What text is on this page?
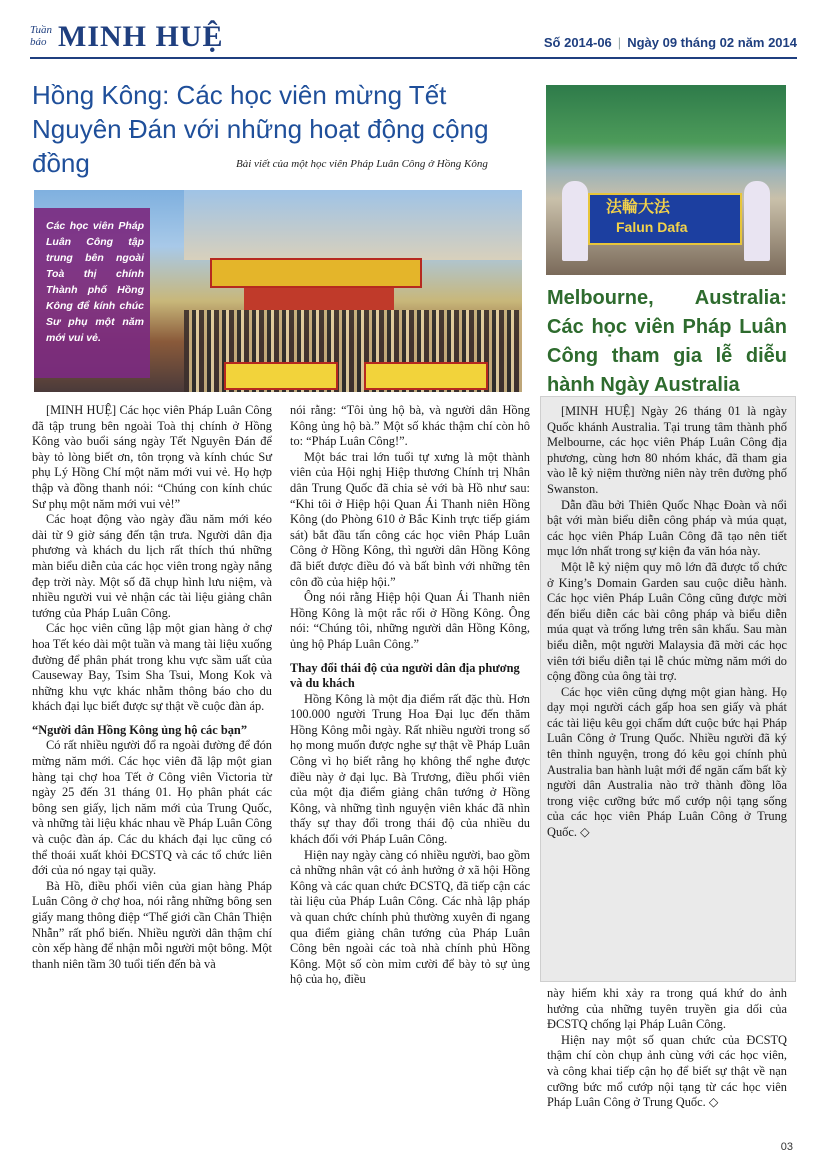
Tuần
báo MINH HUỆ	Số 2014-06 | Ngày 09 tháng 02 năm 2014
Hồng Kông: Các học viên mừng Tết Nguyên Đán với những hoạt động cộng đồng	Bài viết của một học viên Pháp Luân Công ở Hồng Kông
Các học viên Pháp Luân Công tập trung bên ngoài Toà thị chính Thành phố Hồng Kông để kính chúc Sư phụ một năm mới vui vẻ.
法輪大法
Falun Dafa
Melbourne, Australia: Các học viên Pháp Luân Công tham gia lễ diễu hành Ngày Australia

[MINH HUỆ] Ngày 26 tháng 01 là ngày Quốc khánh Australia. Tại trung tâm thành phố Melbourne, các học viên Pháp Luân Công địa phương, cùng hơn 80 nhóm khác, đã tham gia vào lễ kỷ niệm thường niên này trên đường phố Swanston.

Dẫn đầu bởi Thiên Quốc Nhạc Đoàn và nổi bật với màn biểu diễn công pháp và múa quạt, các học viên Pháp Luân Công đã tạo nên tiết mục lớn nhất trong sự kiện đa văn hóa này.

Một lễ kỷ niệm quy mô lớn đã được tổ chức ở King’s Domain Garden sau cuộc diễu hành. Các học viên Pháp Luân Công cũng được mời đến biểu diễn các bài công pháp và biểu diễn múa quạt và trống lưng trên sân khấu. Sau màn biểu diễn, một người Malaysia đã mời các học viên tới biểu diễn tại lễ chúc mừng năm mới do cộng đồng của ông tài trợ.

Các học viên cũng dựng một gian hàng. Họ dạy mọi người cách gấp hoa sen giấy và phát các tài liệu kêu gọi chấm dứt cuộc bức hại Pháp Luân Công ở Trung Quốc. Nhiều người đã ký tên thỉnh nguyện, trong đó kêu gọi chính phủ Australia ban hành luật mới để ngăn cấm bất kỳ người dân Australia nào trở thành đồng lõa trong việc cưỡng bức mổ cướp nội tạng sống của các học viên Pháp Luân Công ở Trung Quốc. ◇

[MINH HUỆ] Các học viên Pháp Luân Công đã tập trung bên ngoài Toà thị chính ở Hồng Kông vào buổi sáng ngày Tết Nguyên Đán để bày tỏ lòng biết ơn, tôn trọng và kính chúc Sư phụ Lý Hồng Chí một năm mới vui vẻ. Họ hợp thập và đồng thanh nói: “Chúng con kính chúc Sư phụ một năm mới vui vẻ!”

Các hoạt động vào ngày đầu năm mới kéo dài từ 9 giờ sáng đến tận trưa. Người dân địa phương và khách du lịch rất thích thú những màn biểu diễn của các học viên trong ngày nắng đẹp trời này. Một số đã chụp hình lưu niệm, và nhiều người vui vẻ nhận các tài liệu giảng chân tướng của Pháp Luân Công.

Các học viên cũng lập một gian hàng ở chợ hoa Tết kéo dài một tuần và mang tài liệu xuống đường để phân phát trong khu vực sầm uất của Causeway Bay, Tsim Sha Tsui, Mong Kok và những khu vực khác nhằm thông báo cho du khách đại lục biết được sự thật về cuộc đàn áp.

“Người dân Hồng Kông ủng hộ các bạn”

Có rất nhiều người đổ ra ngoài đường để đón mừng năm mới. Các học viên đã lập một gian hàng tại chợ hoa Tết ở Công viên Victoria từ ngày 25 đến 31 tháng 01. Họ phân phát các bông sen giấy, lịch năm mới của Trung Quốc, và những tài liệu khác nhau về Pháp Luân Công và cuộc đàn áp. Các du khách đại lục cũng có thể thoái xuất khỏi ĐCSTQ và các tổ chức liên đới của nó ngay tại quầy.

Bà Hồ, điều phối viên của gian hàng Pháp Luân Công ở chợ hoa, nói rằng những bông sen giấy mang thông điệp “Thế giới cần Chân Thiện Nhẫn” rất phổ biến. Nhiều người dân thậm chí còn xếp hàng để nhận mỗi người một bông. Một thanh niên tầm 30 tuổi tiến đến bà và

nói rằng: “Tôi ủng hộ bà, và người dân Hồng Kông ủng hộ bà.” Một số khác thậm chí còn hô to: “Pháp Luân Công!”.

Một bác trai lớn tuổi tự xưng là một thành viên của Hội nghị Hiệp thương Chính trị Nhân dân Trung Quốc đã chia sẻ với bà Hồ như sau: “Khi tôi ở Hiệp hội Quan Ái Thanh niên Hồng Kông (do Phòng 610 ở Bắc Kinh trực tiếp giám sát) bắt đầu tấn công các học viên Pháp Luân Công ở Hồng Kông, thì người dân Hồng Kông đã biết được điều đó và bất bình với những tên côn đồ của hiệp hội.”

Ông nói rằng Hiệp hội Quan Ái Thanh niên Hồng Kông là một rắc rối ở Hồng Kông. Ông nói: “Chúng tôi, những người dân Hồng Kông, ủng hộ Pháp Luân Công.”

Thay đổi thái độ của người dân địa phương và du khách

Hồng Kông là một địa điểm rất đặc thù. Hơn 100.000 người Trung Hoa Đại lục đến thăm Hồng Kông mỗi ngày. Rất nhiều người trong số họ mong muốn được nghe sự thật về Pháp Luân Công vì họ biết rằng họ không thể nghe được điều này ở đại lục. Bà Trương, điều phối viên của một địa điểm giảng chân tướng ở Hồng Kông, và những tình nguyện viên khác đã nhìn thấy sự thay đổi trong thái độ của nhiều du khách đối với Pháp Luân Công.

Hiện nay ngày càng có nhiều người, bao gồm cả những nhân vật có ảnh hưởng ở xã hội Hồng Kông và các quan chức ĐCSTQ, đã tiếp cận các tài liệu của Pháp Luân Công. Các nhà lập pháp và quan chức chính phủ thường xuyên đi ngang qua điểm giảng chân tướng của Pháp Luân Công bên ngoài các toà nhà chính phủ Hồng Kông. Một số còn mỉm cười để bày tỏ sự ủng hộ của họ, điều

này hiếm khi xảy ra trong quá khứ do ảnh hưởng của những tuyên truyền gia dối của ĐCSTQ chống lại Pháp Luân Công.

Hiện nay một số quan chức của ĐCSTQ thậm chí còn chụp ảnh cùng với các học viên, và công khai tiếp cận họ để biết sự thật về nạn cưỡng bức mổ cướp nội tạng từ các học viên Pháp Luân Công ở Trung Quốc. ◇

03
